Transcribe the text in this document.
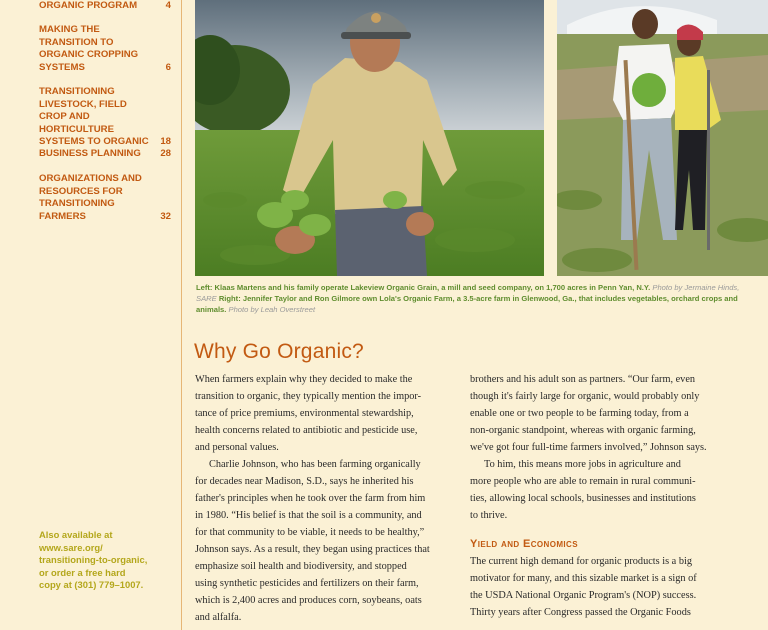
ORGANIC PROGRAM	4
MAKING THE TRANSITION TO ORGANIC CROPPING SYSTEMS	6
TRANSITIONING LIVESTOCK, FIELD CROP AND HORTICULTURE SYSTEMS TO ORGANIC 18
BUSINESS PLANNING	28
ORGANIZATIONS AND RESOURCES FOR TRANSITIONING FARMERS	32
Also available at
www.sare.org/
transitioning-to-organic,
or order a free hard
copy at (301) 779–1007.
Left: Klaas Martens and his family operate Lakeview Organic Grain, a mill and seed company, on 1,700 acres in Penn Yan, N.Y. Photo by Jermaine Hinds, SARE Right: Jennifer Taylor and Ron Gilmore own Lola's Organic Farm, a 3.5-acre farm in Glenwood, Ga., that includes vegetables, orchard crops and animals. Photo by Leah Overstreet
Why Go Organic?

When farmers explain why they decided to make the
transition to organic, they typically mention the impor-
tance of price premiums, environmental stewardship,
health concerns related to antibiotic and pesticide use,
and personal values.

Charlie Johnson, who has been farming organically
for decades near Madison, S.D., says he inherited his
father's principles when he took over the farm from him
in 1980. “His belief is that the soil is a community, and
for that community to be viable, it needs to be healthy,”
Johnson says. As a result, they began using practices that
emphasize soil health and biodiversity, and stopped
using synthetic pesticides and fertilizers on their farm,
which is 2,400 acres and produces corn, soybeans, oats
and alfalfa.

brothers and his adult son as partners. “Our farm, even
though it's fairly large for organic, would probably only
enable one or two people to be farming today, from a
non-organic standpoint, whereas with organic farming,
we've got four full-time farmers involved,” Johnson says.

To him, this means more jobs in agriculture and
more people who are able to remain in rural communi-
ties, allowing local schools, businesses and institutions
to thrive.

Yield and Economics

The current high demand for organic products is a big
motivator for many, and this sizable market is a sign of
the USDA National Organic Program's (NOP) success.
Thirty years after Congress passed the Organic Foods
